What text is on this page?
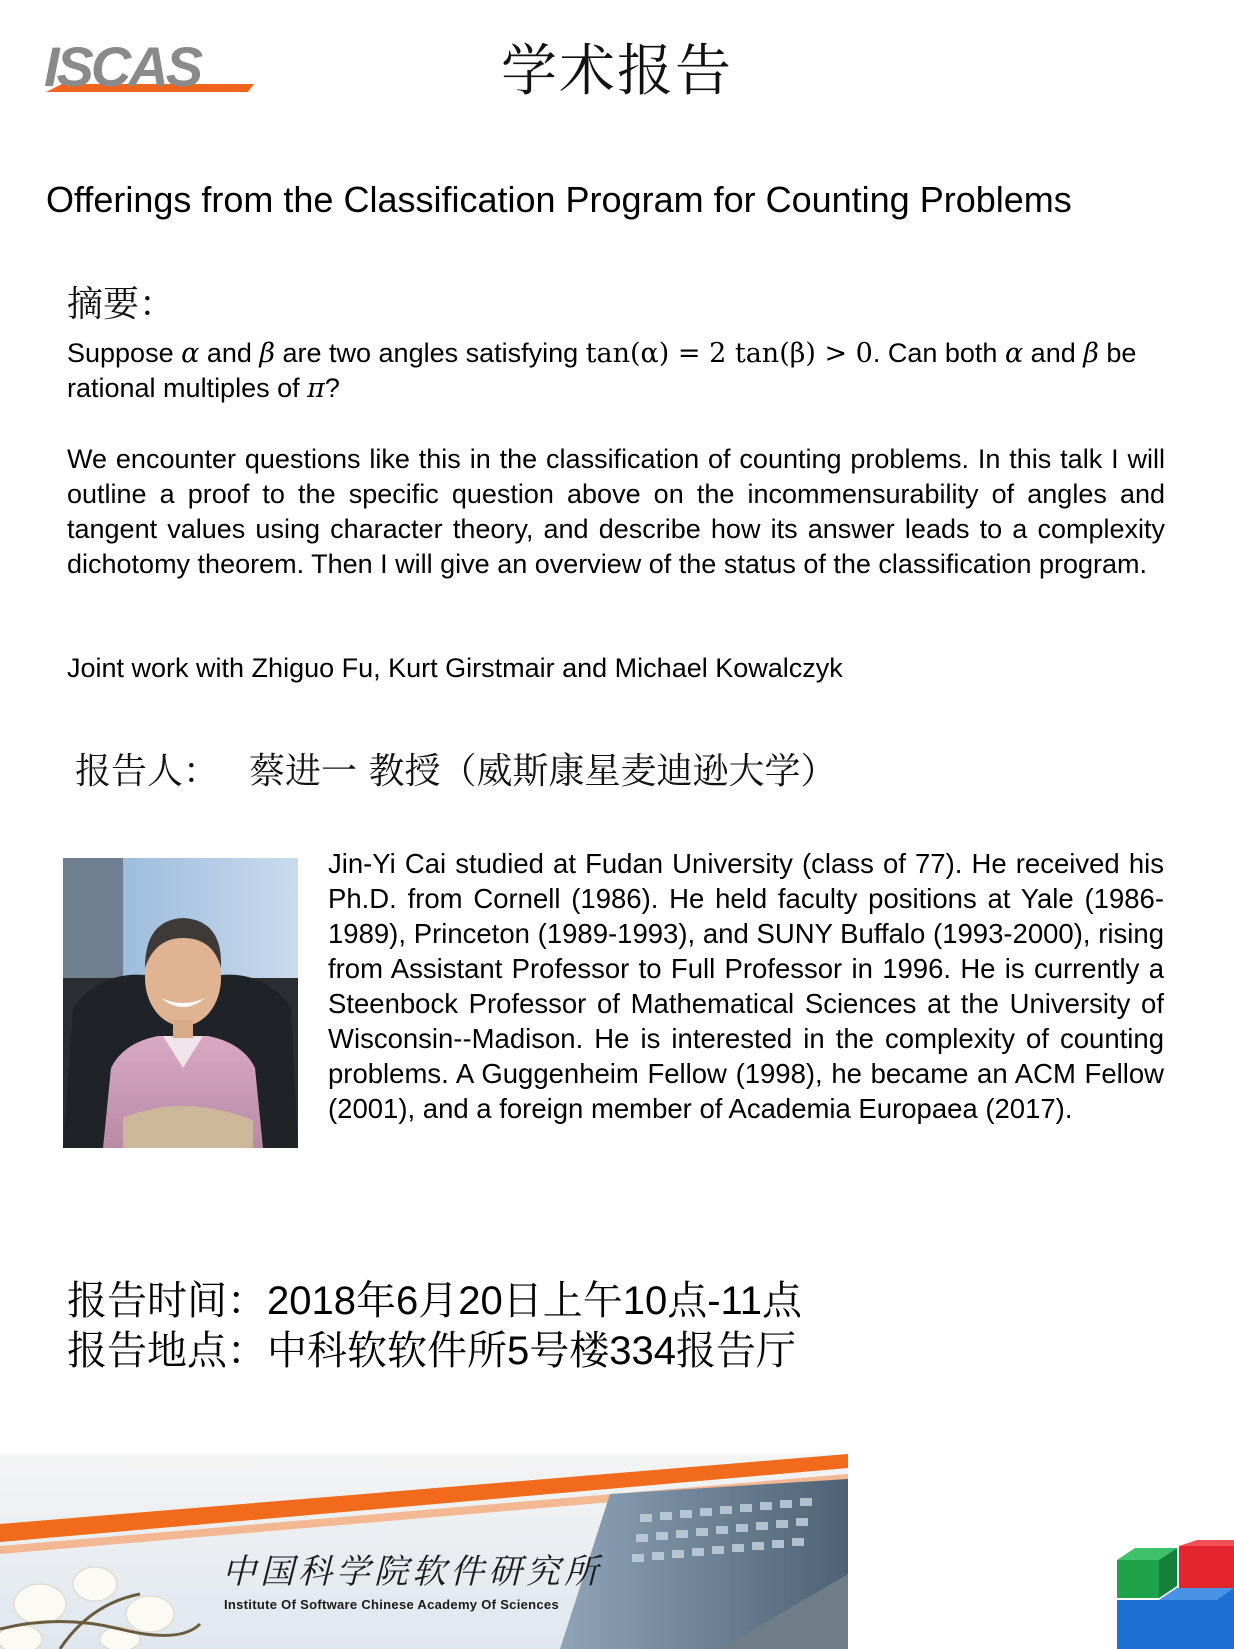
ISCAS	学术报告
Offerings from the Classification Program for Counting Problems
摘要：
Suppose α and β are two angles satisfying tan(α) = 2 tan(β) > 0. Can both α and β be rational multiples of π?
We encounter questions like this in the classification of counting problems. In this talk I will outline a proof to the specific question above on the incommensurability of angles and tangent values using character theory, and describe how its answer leads to a complexity dichotomy theorem. Then I will give an overview of the status of the classification program.
Joint work with Zhiguo Fu, Kurt Girstmair and Michael Kowalczyk
报告人： 蔡进一 教授（威斯康星麦迪逊大学）
Jin-Yi Cai studied at Fudan University (class of 77). He received his Ph.D. from Cornell (1986). He held faculty positions at Yale (1986-1989), Princeton (1989-1993), and SUNY Buffalo (1993-2000), rising from Assistant Professor to Full Professor in 1996. He is currently a Steenbock Professor of Mathematical Sciences at the University of Wisconsin--Madison. He is interested in the complexity of counting problems. A Guggenheim Fellow (1998), he became an ACM Fellow (2001), and a foreign member of Academia Europaea (2017).
报告时间：2018年6月20日上午10点-11点
报告地点：中科软软件所5号楼334报告厅
中国科学院软件研究所
Institute Of Software Chinese Academy Of Sciences
